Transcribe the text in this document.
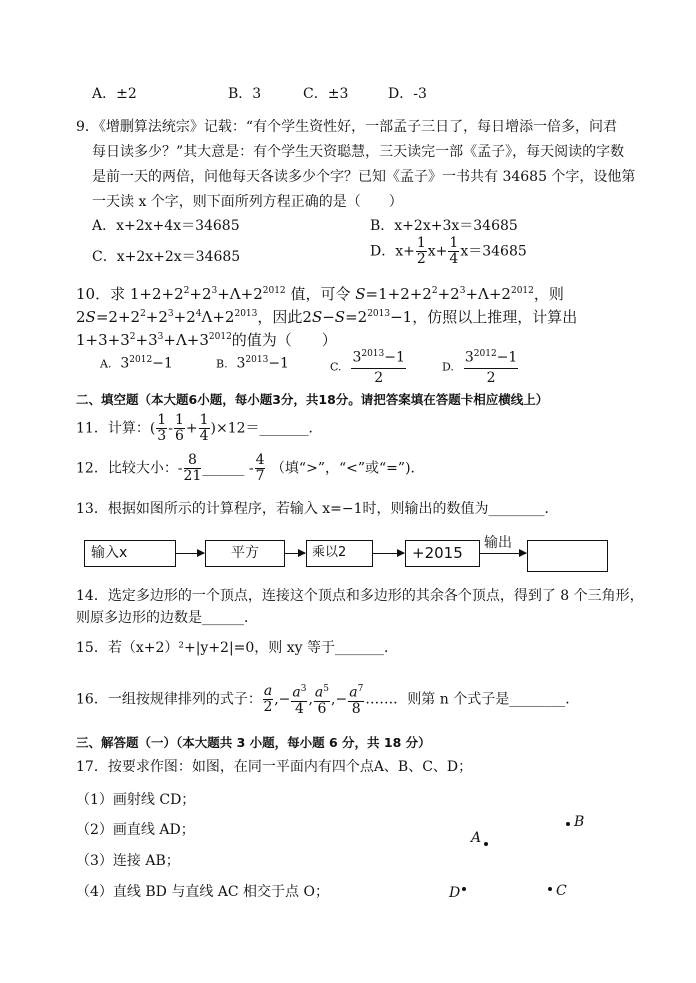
A．±2	B．3	C．±3	D．-3
9．《增删算法统宗》记载：“有个学生资性好，一部孟子三日了，每日增添一倍多，问君
每日读多少？”其大意是：有个学生天资聪慧，三天读完一部《孟子》，每天阅读的字数
是前一天的两倍，问他每天各读多少个字？已知《孟子》一书共有 34685 个字，设他第
一天读 x 个字，则下面所列方程正确的是（　　）
A．x+2x+4x＝34685	B．x+2x+3x＝34685
C．x+2x+2x＝34685	D．$x+ \frac{1}{2} x+ \frac{1}{4} x=34685$
10．求 $1+2+2^2+2^3+\Lambda+2^{2012}$ 值，可令 $S=1+2+2^2+2^3+\Lambda+2^{2012}$，则
$2S=2+2^2+2^3+2^4\Lambda+2^{2013}$，因此$2S-S=2^{2013}-1$，仿照以上推理，计算出
$1+3+3^2+3^3+\Lambda+3^{2012}$的值为（　　）
A.  $3^{2012}-1$	B.  $3^{2013}-1$	C. $\frac{3^{2013}-1}{2}$	D. $\frac{3^{2012}-1}{2}$
二、填空题（本大题6小题，每小题3分，共18分。请把答案填在答题卡相应横线上）
11．计算：( $\frac{1}{3} - \frac{1}{6} + \frac{1}{4}$ )×12＝_______．
12．比较大小：- $\frac{8}{21}$ ______ - $\frac{4}{7}$ （填“>”，“<”或“=”)．
13．根据如图所示的计算程序，若输入 x=−1时，则输出的数值为________．
输入x	平方	乘以2	+2015
输出
14．选定多边形的一个顶点，连接这个顶点和多边形的其余各个顶点，得到了 8 个三角形，
则原多边形的边数是______．
15．若（x+2）²+|y+2|=0，则 xy 等于_______．
16．一组按规律排列的式子： $\frac{a}{2}$ ,− $\frac{a^3}{4}$ , $\frac{a^5}{6}$ ,− $\frac{a^7}{8}$ ……．则第 n 个式子是________．
三、解答题（一）（本大题共 3 小题，每小题 6 分，共 18 分）
17．按要求作图：如图，在同一平面内有四个点A、B、C、D；
（1）画射线 CD；
（2）画直线 AD；
（3）连接 AB；
（4）直线 BD 与直线 AC 相交于点 O；
B
A
D	C
